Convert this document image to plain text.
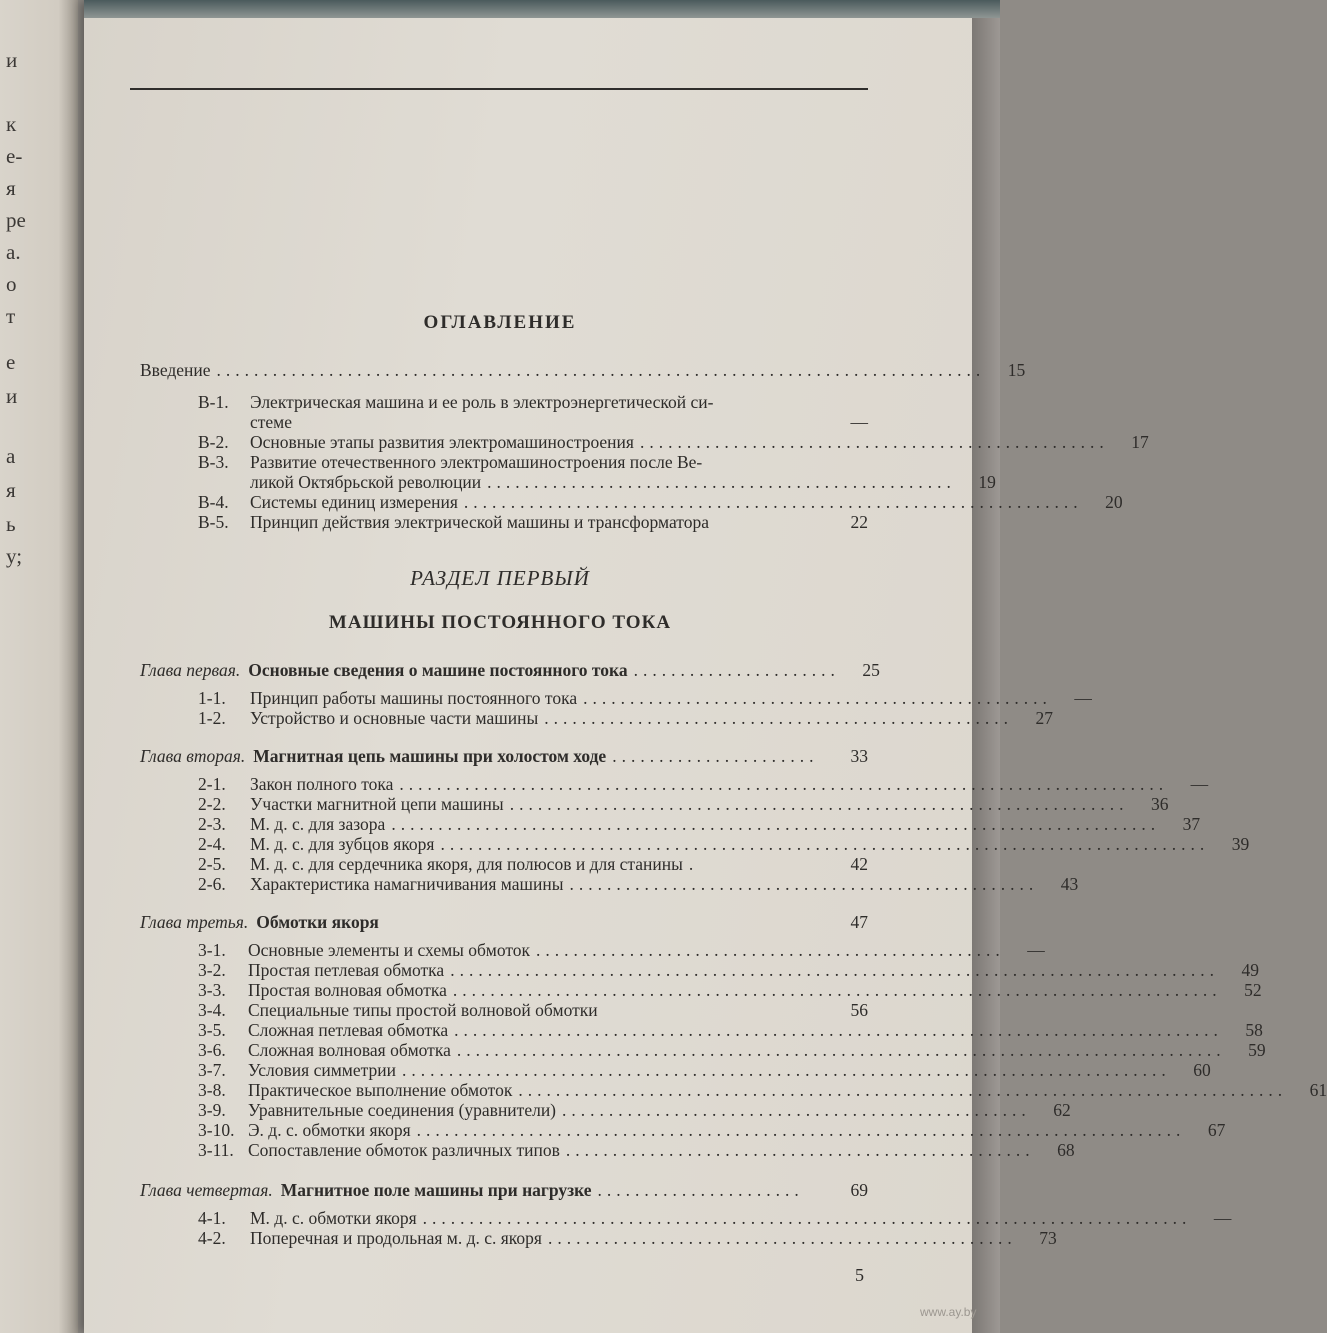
и
к
е-
я
ре
а.
о
т
е
и
а
я
ь
у;
ОГЛАВЛЕНИЕ
Введение ..................................................................................	15
В-1.	Электрическая машина и ее роль в электроэнергетической си-
стеме	—
В-2.	Основные этапы развития электромашиностроения ..................................................	17
В-3.	Развитие отечественного электромашиностроения после Ве-
ликой Октябрьской революции ..................................................	19
В-4.	Системы единиц измерения ..................................................................	20
В-5.	Принцип действия электрической машины и трансформатора	22
РАЗДЕЛ ПЕРВЫЙ
МАШИНЫ ПОСТОЯННОГО ТОКА
Глава первая. Основные сведения о машине постоянного тока ......................	25
1-1.	Принцип работы машины постоянного тока ..................................................	—
1-2.	Устройство и основные части машины ..................................................	27
Глава вторая. Магнитная цепь машины при холостом ходе ......................	33
2-1.	Закон полного тока ..................................................................................	—
2-2.	Участки магнитной цепи машины ..................................................................	36
2-3.	М. д. с. для зазора ..................................................................................	37
2-4.	М. д. с. для зубцов якоря ..................................................................................	39
2-5.	М. д. с. для сердечника якоря, для полюсов и для станины .	42
2-6.	Характеристика намагничивания машины ..................................................	43
Глава третья. Обмотки якоря	47
3-1.	Основные элементы и схемы обмоток ..................................................	—
3-2.	Простая петлевая обмотка ..................................................................................	49
3-3.	Простая волновая обмотка ..................................................................................	52
3-4.	Специальные типы простой волновой обмотки	56
3-5.	Сложная петлевая обмотка ..................................................................................	58
3-6.	Сложная волновая обмотка ..................................................................................	59
3-7.	Условия симметрии ..................................................................................	60
3-8.	Практическое выполнение обмоток ..................................................................................	61
3-9.	Уравнительные соединения (уравнители) ..................................................	62
3-10. Э. д. с. обмотки якоря ..................................................................................	67
3-11. Сопоставление обмоток различных типов ..................................................	68
Глава четвертая. Магнитное поле машины при нагрузке ......................	69
4-1.	М. д. с. обмотки якоря ..................................................................................	—
4-2.	Поперечная и продольная м. д. с. якоря ..................................................	73
5
www.ay.by
